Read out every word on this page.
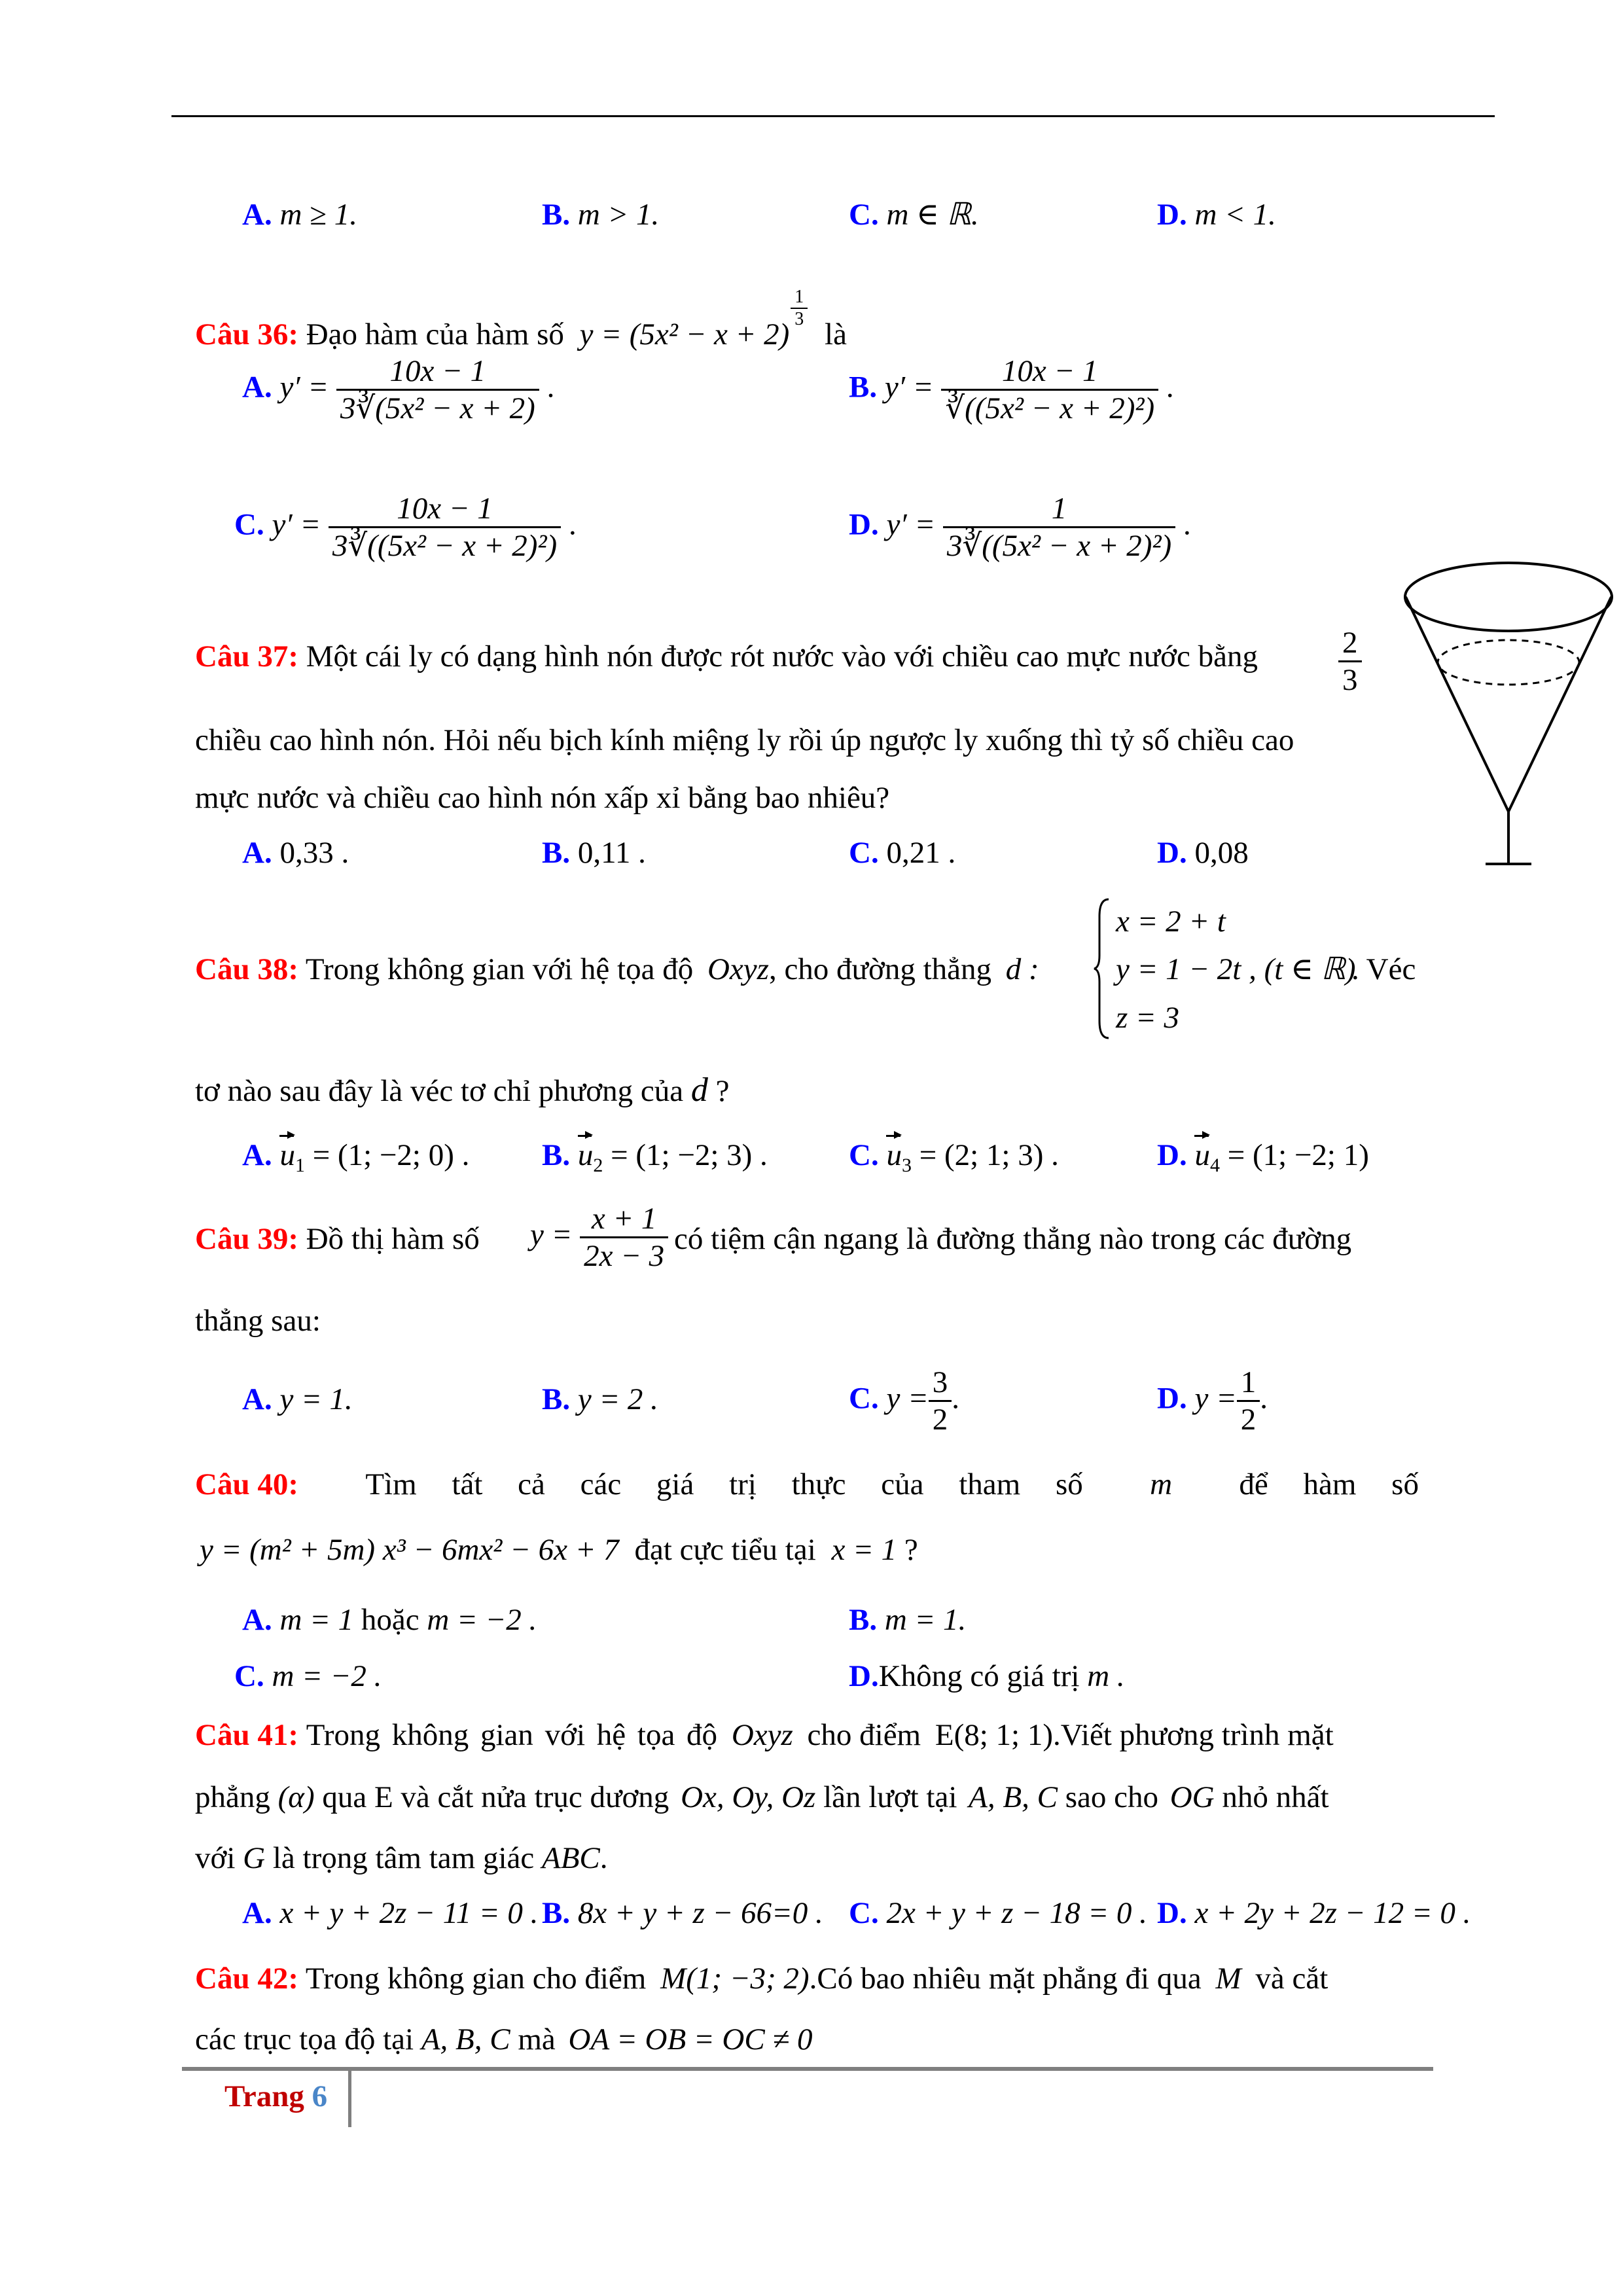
A. m ≥ 1.	B. m > 1.	C. m ∈ ℝ.	D. m < 1.
Câu 36: Đạo hàm của hàm số y = (5x² − x + 2)
$\frac{1}{3}$
là
A. $y' = \frac{10x - 1}{\text{3∛(5x² − x + 2)}}$ .	B. $y' = \frac{10x - 1}{\text{∛((5x² − x + 2)²)}}$ .
C. $y' = \frac{10x - 1}{\text{3∛((5x² − x + 2)²)}}$ .	D. $y' = \frac{1}{\text{3∛((5x² − x + 2)²)}}$ .
Câu 37: Một cái ly có dạng hình nón được rót nước vào với chiều cao mực nước bằng	$\frac{2}{3}$
chiều cao hình nón. Hỏi nếu bịch kính miệng ly rồi úp ngược ly xuống thì tỷ số chiều cao
mực nước và chiều cao hình nón xấp xỉ bằng bao nhiêu?
A. 0,33 .	B. 0,11 .	C. 0,21 .	D. 0,08
Câu 38: Trong không gian với hệ tọa độ Oxyz, cho đường thẳng d :
x = 2 + t
y = 1 − 2t , (t ∈ ℝ)
z = 3
. Véc
tơ nào sau đây là véc tơ chỉ phương của d ?
A. $u_1 = (1$; −2; 0) . B. $u_2 = (1$; −2; 3) .	C. $u_3 = (2$; 1; 3) .	D. $u_4 = (1$; −2; 1)
Câu 39: Đồ thị hàm số $y = \frac{x + 1}{2x - 3}$ có tiệm cận ngang là đường thẳng nào trong các đường
thẳng sau:
A. y = 1.	B. y = 2 .	C. $y = \frac{3}{2}$ .	D. $y = \frac{1}{2}$ .
Câu 40: Tìm tất cả các giá trị thực của tham số m để hàm số
y = (m² + 5m) x³ − 6mx² − 6x + 7 đạt cực tiểu tại x = 1 ?
A. m = 1 hoặc m = −2 .	B. m = 1.
C. m = −2 .	D.Không có giá trị m .
Câu 41: Trong không gian với hệ tọa độ Oxyz cho điểm E(8; 1; 1).Viết phương trình mặt
phẳng (α) qua E và cắt nửa trục dương Ox, Oy, Oz lần lượt tại A, B, C sao cho OG nhỏ nhất
với G là trọng tâm tam giác ABC.
A. x + y + 2z − 11 = 0 . B. 8x + y + z − 66=0 . C. 2x + y + z − 18 = 0 . D. x + 2y + 2z − 12 = 0 .
Câu 42: Trong không gian cho điểm M(1; −3; 2).Có bao nhiêu mặt phẳng đi qua M và cắt
các trục tọa độ tại A, B, C mà OA = OB = OC ≠ 0
Trang 6
